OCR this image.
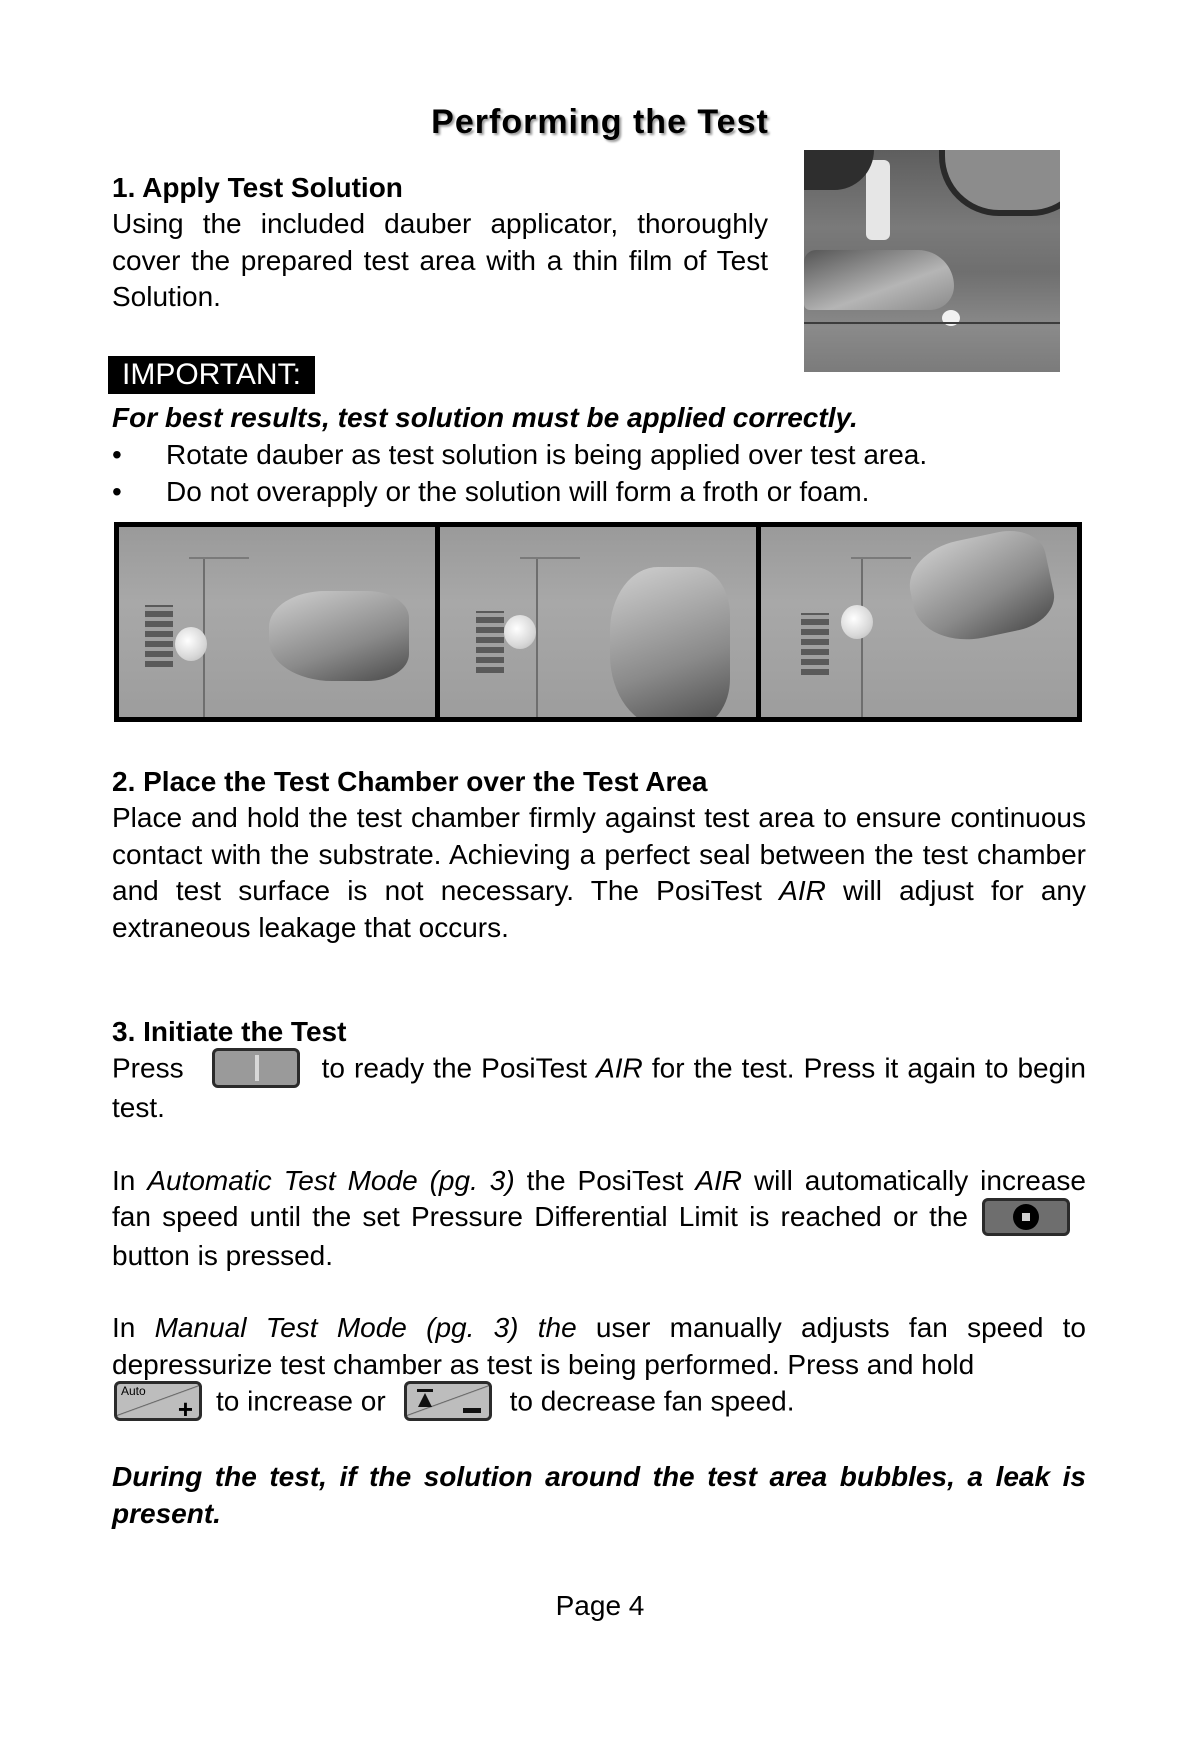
Performing the Test
1. Apply Test Solution
Using the included dauber applicator, thoroughly cover the prepared test area with a thin film of Test Solution.
IMPORTANT:
For best results, test solution must be applied correctly.
• Rotate dauber as test solution is being applied over test area.
• Do not overapply or the solution will form a froth or foam.
2. Place the Test Chamber over the Test Area
Place and hold the test chamber firmly against test area to ensure continuous contact with the substrate. Achieving a perfect seal between the test chamber and test surface is not necessary. The PosiTest AIR will adjust for any extraneous leakage that occurs.
3. Initiate the Test
Press	to ready the PosiTest AIR for the test. Press it again to begin test.
In Automatic Test Mode (pg. 3) the PosiTest AIR will automatically increase fan speed until the set Pressure Differential Limit is reached or the
button is pressed.
In Manual Test Mode (pg. 3) the user manually adjusts fan speed to depressurize test chamber as test is being performed. Press and hold

Auto
+ to increase or	to decrease fan speed.
During the test, if the solution around the test area bubbles, a leak is present.
Page 4
